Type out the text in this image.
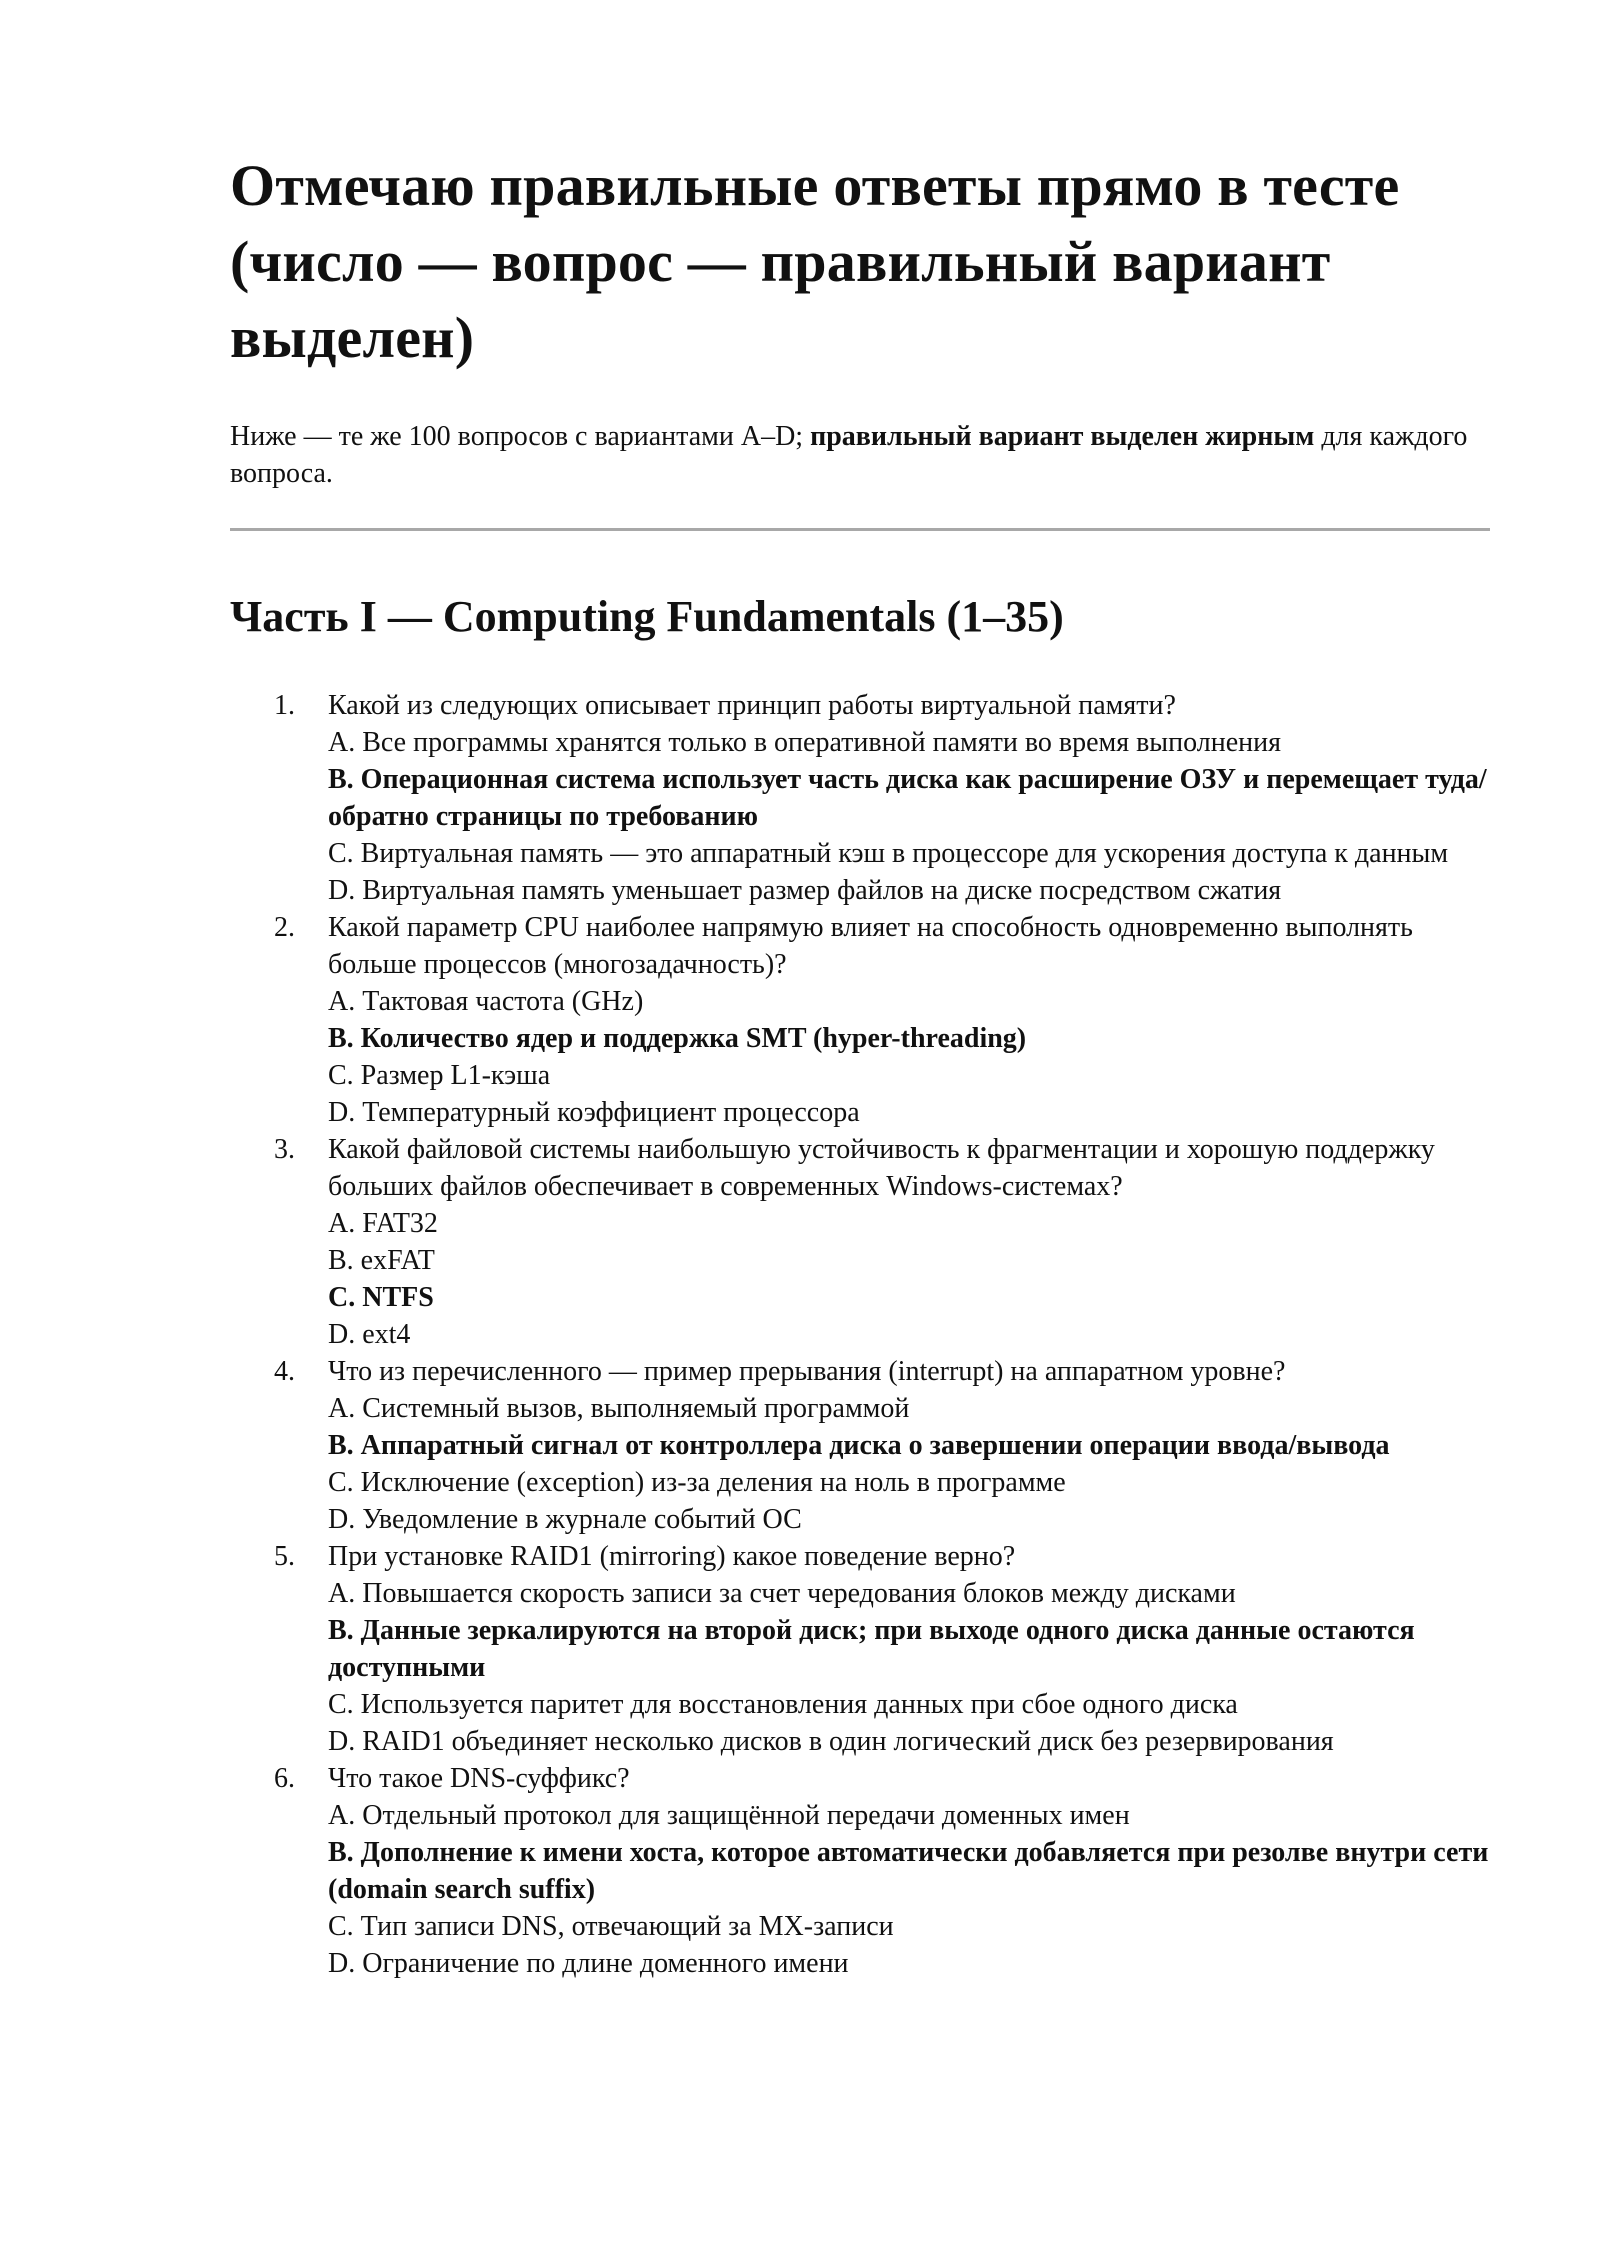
Отмечаю правильные ответы прямо в тесте (число — вопрос — правильный вариант выделен)

Ниже — те же 100 вопросов с вариантами A–D; правильный вариант выделен жирным для каждого вопроса.

Часть I — Computing Fundamentals (1–35)
1.	Какой из следующих описывает принцип работы виртуальной памяти?
A. Все программы хранятся только в оперативной памяти во время выполнения
B. Операционная система использует часть диска как расширение ОЗУ и перемещает туда/обратно страницы по требованию
C. Виртуальная память — это аппаратный кэш в процессоре для ускорения доступа к данным
D. Виртуальная память уменьшает размер файлов на диске посредством сжатия
2.	Какой параметр CPU наиболее напрямую влияет на способность одновременно выполнять больше процессов (многозадачность)?
A. Тактовая частота (GHz)
B. Количество ядер и поддержка SMT (hyper-threading)
C. Размер L1-кэша
D. Температурный коэффициент процессора
3.	Какой файловой системы наибольшую устойчивость к фрагментации и хорошую поддержку больших файлов обеспечивает в современных Windows-системах?
A. FAT32
B. exFAT
C. NTFS
D. ext4
4.	Что из перечисленного — пример прерывания (interrupt) на аппаратном уровне?
A. Системный вызов, выполняемый программой
B. Аппаратный сигнал от контроллера диска о завершении операции ввода/вывода
C. Исключение (exception) из-за деления на ноль в программе
D. Уведомление в журнале событий ОС
5.	При установке RAID1 (mirroring) какое поведение верно?
A. Повышается скорость записи за счет чередования блоков между дисками
B. Данные зеркалируются на второй диск; при выходе одного диска данные остаются доступными
C. Используется паритет для восстановления данных при сбое одного диска
D. RAID1 объединяет несколько дисков в один логический диск без резервирования
6.	Что такое DNS-суффикс?
A. Отдельный протокол для защищённой передачи доменных имен
B. Дополнение к имени хоста, которое автоматически добавляется при резолве внутри сети (domain search suffix)
C. Тип записи DNS, отвечающий за MX-записи
D. Ограничение по длине доменного имени
